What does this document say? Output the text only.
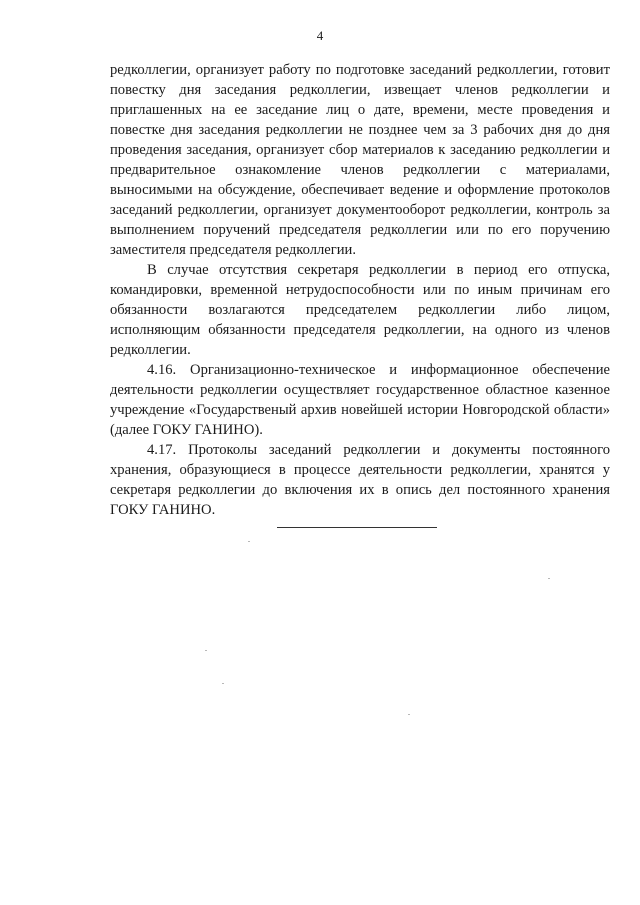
4

редколлегии, организует работу по подготовке заседаний редколлегии, готовит повестку дня заседания редколлегии, извещает членов редколлегии и приглашенных на ее заседание лиц о дате, времени, месте проведения и повестке дня заседания редколлегии не позднее чем за 3 рабочих дня до дня проведения заседания, организует сбор материалов к заседанию редколлегии и предварительное ознакомление членов редколлегии с материалами, выносимыми на обсуждение, обеспечивает ведение и оформление протоколов заседаний редколлегии, организует документооборот редколлегии, контроль за выполнением поручений председателя редколлегии или по его поручению заместителя председателя редколлегии.

В случае отсутствия секретаря редколлегии в период его отпуска, командировки, временной нетрудоспособности или по иным причинам его обязанности возлагаются председателем редколлегии либо лицом, исполняющим обязанности председателя редколлегии, на одного из членов редколлегии.

4.16. Организационно-техническое и информационное обеспечение деятельности редколлегии осуществляет государственное областное казенное учреждение «Государственый архив новейшей истории Новгородской области» (далее ГОКУ ГАНИНО).

4.17. Протоколы заседаний редколлегии и документы постоянного хранения, образующиеся в процессе деятельности редколлегии, хранятся у секретаря редколлегии до включения их в опись дел постоянного хранения ГОКУ ГАНИНО.
